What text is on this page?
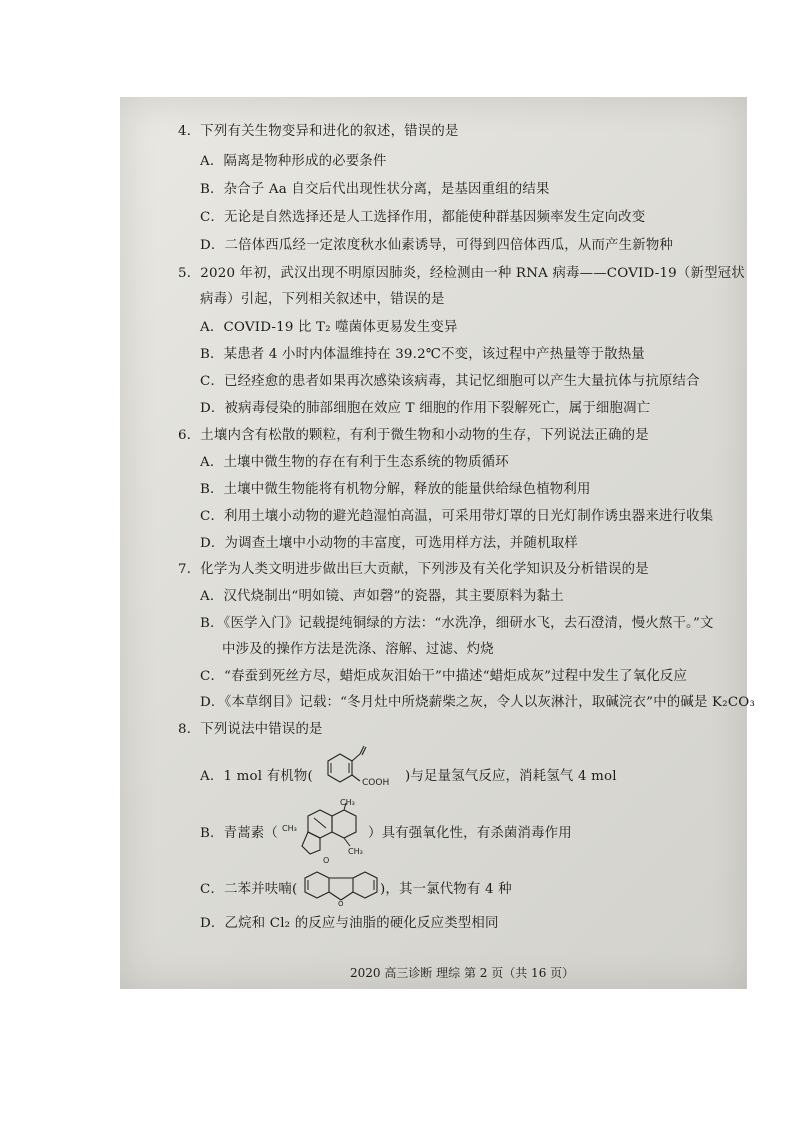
4．下列有关生物变异和进化的叙述，错误的是
A．隔离是物种形成的必要条件
B．杂合子 Aa 自交后代出现性状分离，是基因重组的结果
C．无论是自然选择还是人工选择作用，都能使种群基因频率发生定向改变
D．二倍体西瓜经一定浓度秋水仙素诱导，可得到四倍体西瓜，从而产生新物种
5．2020 年初，武汉出现不明原因肺炎，经检测由一种 RNA 病毒——COVID-19（新型冠状
病毒）引起，下列相关叙述中，错误的是
A．COVID-19 比 T₂ 噬菌体更易发生变异
B．某患者 4 小时内体温维持在 39.2℃不变，该过程中产热量等于散热量
C．已经痊愈的患者如果再次感染该病毒，其记忆细胞可以产生大量抗体与抗原结合
D．被病毒侵染的肺部细胞在效应 T 细胞的作用下裂解死亡，属于细胞凋亡
6．土壤内含有松散的颗粒，有利于微生物和小动物的生存，下列说法正确的是
A．土壤中微生物的存在有利于生态系统的物质循环
B．土壤中微生物能将有机物分解，释放的能量供给绿色植物利用
C．利用土壤小动物的避光趋湿怕高温，可采用带灯罩的日光灯制作诱虫器来进行收集
D．为调查土壤中小动物的丰富度，可选用样方法，并随机取样
7．化学为人类文明进步做出巨大贡献，下列涉及有关化学知识及分析错误的是
A．汉代烧制出“明如镜、声如磬”的瓷器，其主要原料为黏土
B．《医学入门》记载提纯铜绿的方法：“水洗净，细研水飞，去石澄清，慢火熬干。”文
中涉及的操作方法是洗涤、溶解、过滤、灼烧
C．“春蚕到死丝方尽，蜡炬成灰泪始干”中描述“蜡炬成灰”过程中发生了氧化反应
D．《本草纲目》记载：“冬月灶中所烧薪柴之灰，令人以灰淋汁，取碱浣衣”中的碱是 K₂CO₃
8．下列说法中错误的是
A．1 mol 有机物(	COOH )与足量氢气反应，消耗氢气 4 mol
B．青蒿素（ CH₃
CH₃
CH₃
O
）具有强氧化性，有杀菌消毒作用
C．二苯并呋喃(
O
)，其一氯代物有 4 种
D．乙烷和 Cl₂ 的反应与油脂的硬化反应类型相同
2020 高三诊断 理综 第 2 页（共 16 页）
